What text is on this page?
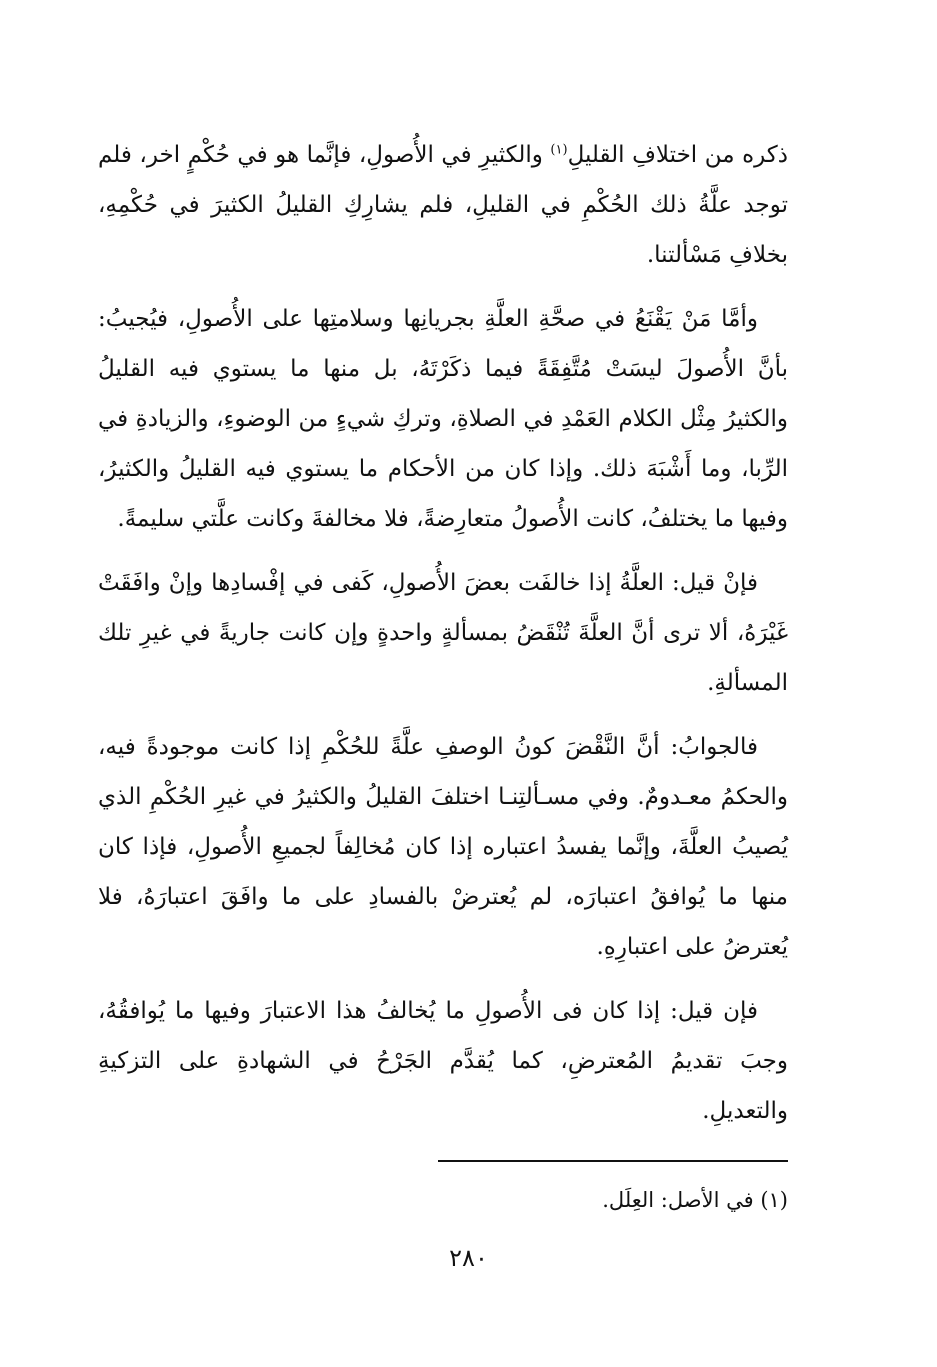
ذكره من اختلافِ القليلِ$^{(١)}$ والكثيرِ في الأُصولِ، فإنَّما هو في حُكْمٍ اخر، فلم توجد علَّةُ ذلك الحُكْمِ في القليلِ، فلم يشارِكِ القليلُ الكثيرَ في حُكْمِهِ، بخلافِ مَسْألتنا.

وأمَّا مَنْ يَقْنَعُ في صحَّةِ العلَّةِ بجريانِها وسلامتِها على الأُصولِ، فيُجيبُ: بأنَّ الأُصولَ ليسَتْ مُتَّفِقَةً فيما ذكَرْتَهُ، بل منها ما يستوي فيه القليلُ والكثيرُ مِثْل الكلام العَمْدِ في الصلاةِ، وتركِ شيءٍ من الوضوءِ، والزيادةِ في الرِّبا، وما أَشْبَهَ ذلك. وإذا كان من الأحكام ما يستوي فيه القليلُ والكثيرُ، وفيها ما يختلفُ، كانت الأُصولُ متعارِضةً، فلا مخالفةَ وكانت علَّتي سليمةً.

فإنْ قيل: العلَّةُ إذا خالفَت بعضَ الأُصولِ، كَفى في إفْسادِها وإنْ وافَقَتْ غَيْرَهُ، ألا ترى أنَّ العلَّةَ تُنْقَضُ بمسألةٍ واحدةٍ وإن كانت جاريةً في غيرِ تلك المسألةِ.

فالجوابُ: أنَّ النَّقْضَ كونُ الوصفِ علَّةً للحُكْمِ إذا كانت موجودةً فيه، والحكمُ معـدومٌ. وفي مسـألتِنـا اختلفَ القليلُ والكثيرُ في غيرِ الحُكْمِ الذي يُصيبُ العلَّةَ، وإنَّما يفسدُ اعتباره إذا كان مُخالِفاً لجميعِ الأُصولِ، فإذا كان منها ما يُوافقُ اعتبارَه، لم يُعترضْ بالفسادِ على ما وافَقَ اعتبارَهُ، فلا يُعترضُ على اعتبارِهِ.

فإن قيل: إذا كان فى الأُصولِ ما يُخالفُ هذا الاعتبارَ وفيها ما يُوافقُهُ، وجبَ تقديمُ المُعترضِ، كما يُقدَّم الجَرْحُ في الشهادةِ على التزكيةِ والتعديلِ.

(١) في الأصل: العِلَل.
٢٨٠
